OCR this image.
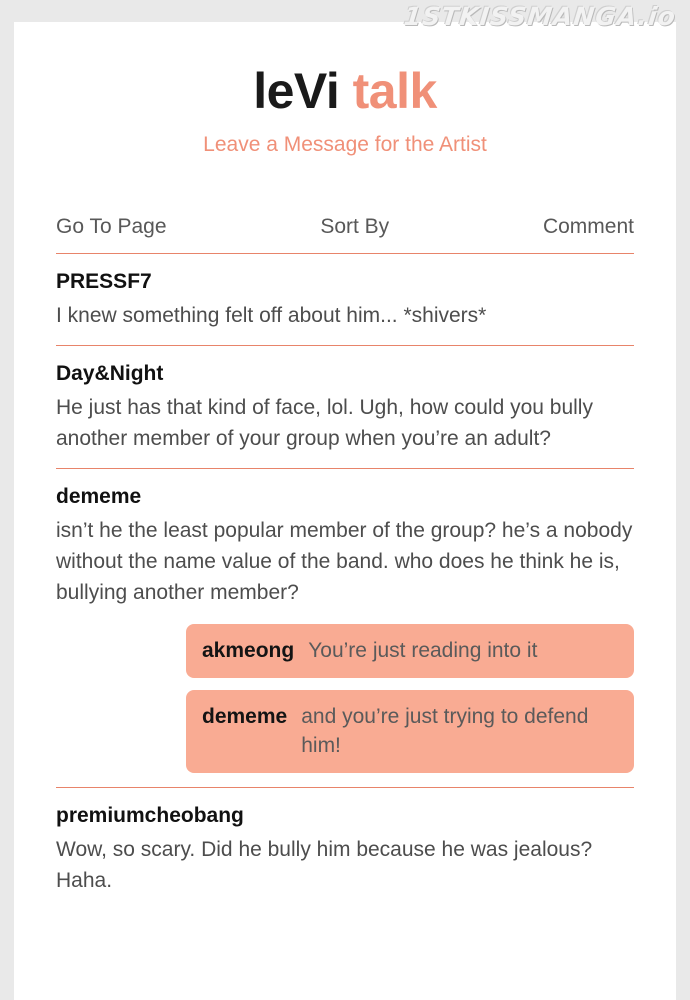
1STKISSMANGA.io
leVi talk
Leave a Message for the Artist
Go To Page	Sort By	Comment
PRESSF7
I knew something felt off about him... *shivers*
Day&Night
He just has that kind of face, lol. Ugh, how could you bully another member of your group when you’re an adult?
dememe
isn’t he the least popular member of the group? he’s a nobody without the name value of the band. who does he think he is, bullying another member?
akmeong You’re just reading into it
dememe and you’re just trying to defend him!
premiumcheobang
Wow, so scary. Did he bully him because he was jealous? Haha.
